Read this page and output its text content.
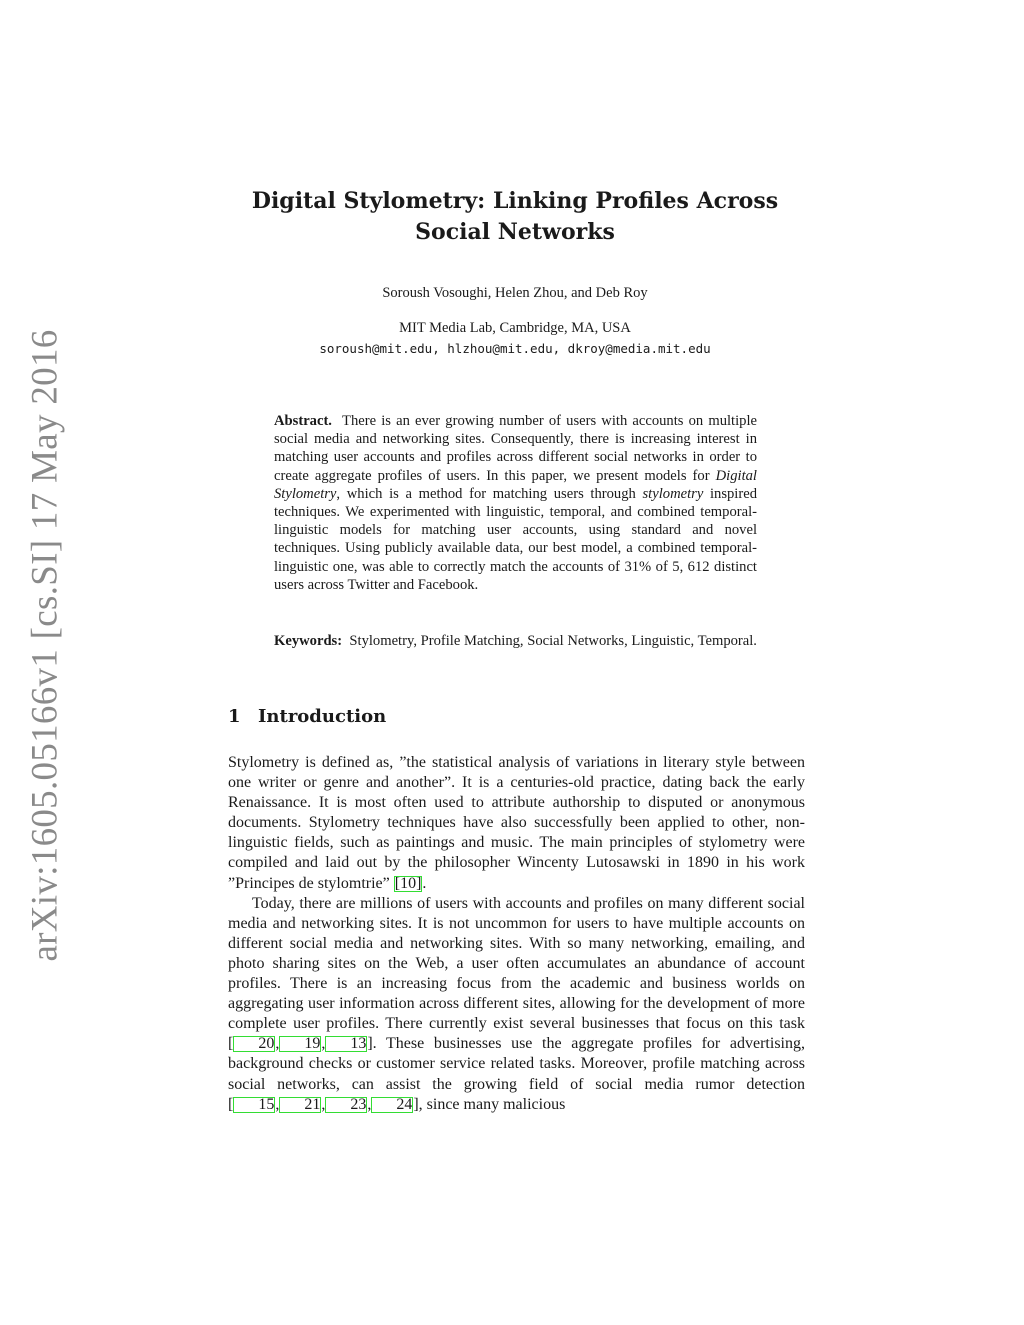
arXiv:1605.05166v1 [cs.SI] 17 May 2016
Digital Stylometry: Linking Profiles Across
Social Networks
Soroush Vosoughi, Helen Zhou, and Deb Roy
MIT Media Lab, Cambridge, MA, USA
soroush@mit.edu, hlzhou@mit.edu, dkroy@media.mit.edu

Abstract. There is an ever growing number of users with accounts on multiple social media and networking sites. Consequently, there is increasing interest in matching user accounts and profiles across different social networks in order to create aggregate profiles of users. In this paper, we present models for Digital Stylometry, which is a method for matching users through stylometry inspired techniques. We experimented with linguistic, temporal, and combined temporal-linguistic models for matching user accounts, using standard and novel techniques. Using publicly available data, our best model, a combined temporal-linguistic one, was able to correctly match the accounts of 31% of 5, 612 distinct users across Twitter and Facebook.

Keywords: Stylometry, Profile Matching, Social Networks, Linguistic, Temporal.

1 Introduction

Stylometry is defined as, ”the statistical analysis of variations in literary style between one writer or genre and another”. It is a centuries-old practice, dating back the early Renaissance. It is most often used to attribute authorship to disputed or anonymous documents. Stylometry techniques have also successfully been applied to other, non-linguistic fields, such as paintings and music. The main principles of stylometry were compiled and laid out by the philosopher Wincenty Lutosawski in 1890 in his work ”Principes de stylomtrie” [10].

Today, there are millions of users with accounts and profiles on many different social media and networking sites. It is not uncommon for users to have multiple accounts on different social media and networking sites. With so many networking, emailing, and photo sharing sites on the Web, a user often accumulates an abundance of account profiles. There is an increasing focus from the academic and business worlds on aggregating user information across different sites, allowing for the development of more complete user profiles. There currently exist several businesses that focus on this task [ 20, 19, 13]. These businesses use the aggregate profiles for advertising, background checks or customer service related tasks. Moreover, profile matching across social networks, can assist the growing field of social media rumor detection [ 15, 21, 23, 24], since many malicious
